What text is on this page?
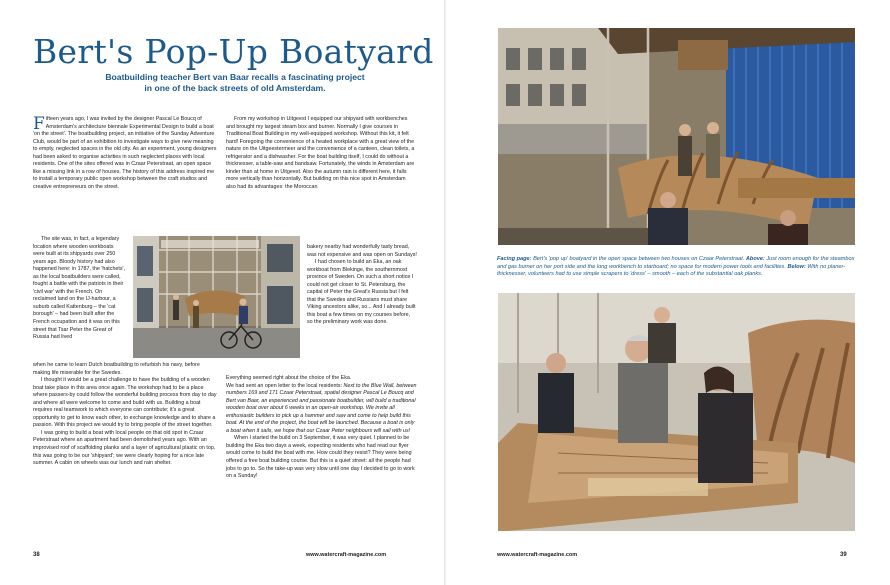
Bert's Pop-Up Boatyard
Boatbuilding teacher Bert van Baar recalls a fascinating project
in one of the back streets of old Amsterdam.

Fifteen years ago, I was invited by the designer Pascal Le Boucq of Amsterdam's architecture biennale Experimental Design to build a boat 'on the street'. The boatbuilding project, an initiative of the Sunday Adventure Club, would be part of an exhibition to investigate ways to give new meaning to empty, neglected spaces in the old city. As an experiment, young designers had been asked to organise activities in such neglected places with local residents. One of the sites offered was in Czaar Peterstraat, an open space like a missing link in a row of houses. The history of this address inspired me to install a temporary public open workshop between the craft studios and creative entrepreneurs on the street.

The site was, in fact, a legendary location where wooden workboats were built at its shipyards over 250 years ago. Bloody history had also happened here: in 1787, the 'hatchets', as the local boatbuilders were called, fought a battle with the patriots in their 'civil war' with the French. On reclaimed land on the IJ-harbour, a suburb called Kattenburg – the 'cat borough' – had been built after the French occupation and it was on this street that Tsar Peter the Great of Russia had lived

when he came to learn Dutch boatbuilding to refurbish his navy, before making life miserable for the Swedes.

I thought it would be a great challenge to have the building of a wooden boat take place in this area once again. The workshop had to be a place where passers-by could follow the wonderful building process from day to day and where all were welcome to come and build with us. Building a boat requires real teamwork to which everyone can contribute; it's a great opportunity to get to know each other, to exchange knowledge and to share a passion. With this project we would try to bring people of the street together.

I was going to build a boat with local people on that old spot in Czaar Peterstraat where an apartment had been demolished years ago. With an improvised roof of scaffolding planks and a layer of agricultural plastic on top, this was going to be our 'shipyard'; we were clearly hoping for a nice late summer. A cabin on wheels was our lunch and rain shelter.

From my workshop in Uitgeest I equipped our shipyard with workbenches and brought my largest steam box and burner. Normally I give courses in Traditional Boat Building in my well-equipped workshop. Without this kit, it felt hard! Foregoing the convenience of a heated workplace with a great view of the nature on the Uitgeestermeer and the convenience of a canteen, clean toilets, a refrigerator and a dishwasher. For the boat building itself, I could do without a thicknesser, a table-saw and bandsaw. Fortunately, the winds in Amsterdam are kinder than at home in Uitgeest. Also the autumn rain is different here, it falls more vertically than horizontally. But building on this nice spot in Amsterdam also had its advantages: the Moroccan

bakery nearby had wonderfully tasty bread, was not expensive and was open on Sundays!

I had chosen to build an Eka, an oak workboat from Blekinge, the southernmost province of Sweden. On such a short notice I could not get closer to St. Petersburg, the capital of Peter the Great's Russia but I felt that the Swedes and Russians must share Viking ancestors alike, so... And I already built this boat a few times on my courses before, so the preliminary work was done.

Everything seemed right about the choice of the Eka.

We had sent an open letter to the local residents: Next to the Blue Wall, between numbers 169 and 171 Czaar Peterstraat, spatial designer Pascal Le Boucq and Bert van Baar, an experienced and passionate boatbuilder, will build a traditional wooden boat over about 6 weeks in an open-air workshop. We invite all enthusiastic builders to pick up a hammer and saw and come to help build this boat. At the end of the project, the boat will be launched. Because a boat is only a boat when it sails, we hope that our Czaar Peter neighbours will sail with us!

When I started the build on 3 September, it was very quiet. I planned to be building the Eka two days a week, expecting residents who had read our flyer would come to build the boat with me. How could they resist? They were being offered a free boat building course. But this is a quiet street: all the people had jobs to go to. So the take-up was very slow until one day I decided to go to work on a Sunday!

38	www.watercraft-magazine.com
Facing page: Bert's 'pop up' boatyard in the open space between two houses on Czaar Peterstraat. Above: Just room enough for the steambox and gas burner on her port side and the long workbench to starboard; no space for modern power tools and facilities. Below: With no planer-thicknesser, volunteers had to use simple scrapers to 'dress' – smooth – each of the substantial oak planks.
www.watercraft-magazine.com	39
